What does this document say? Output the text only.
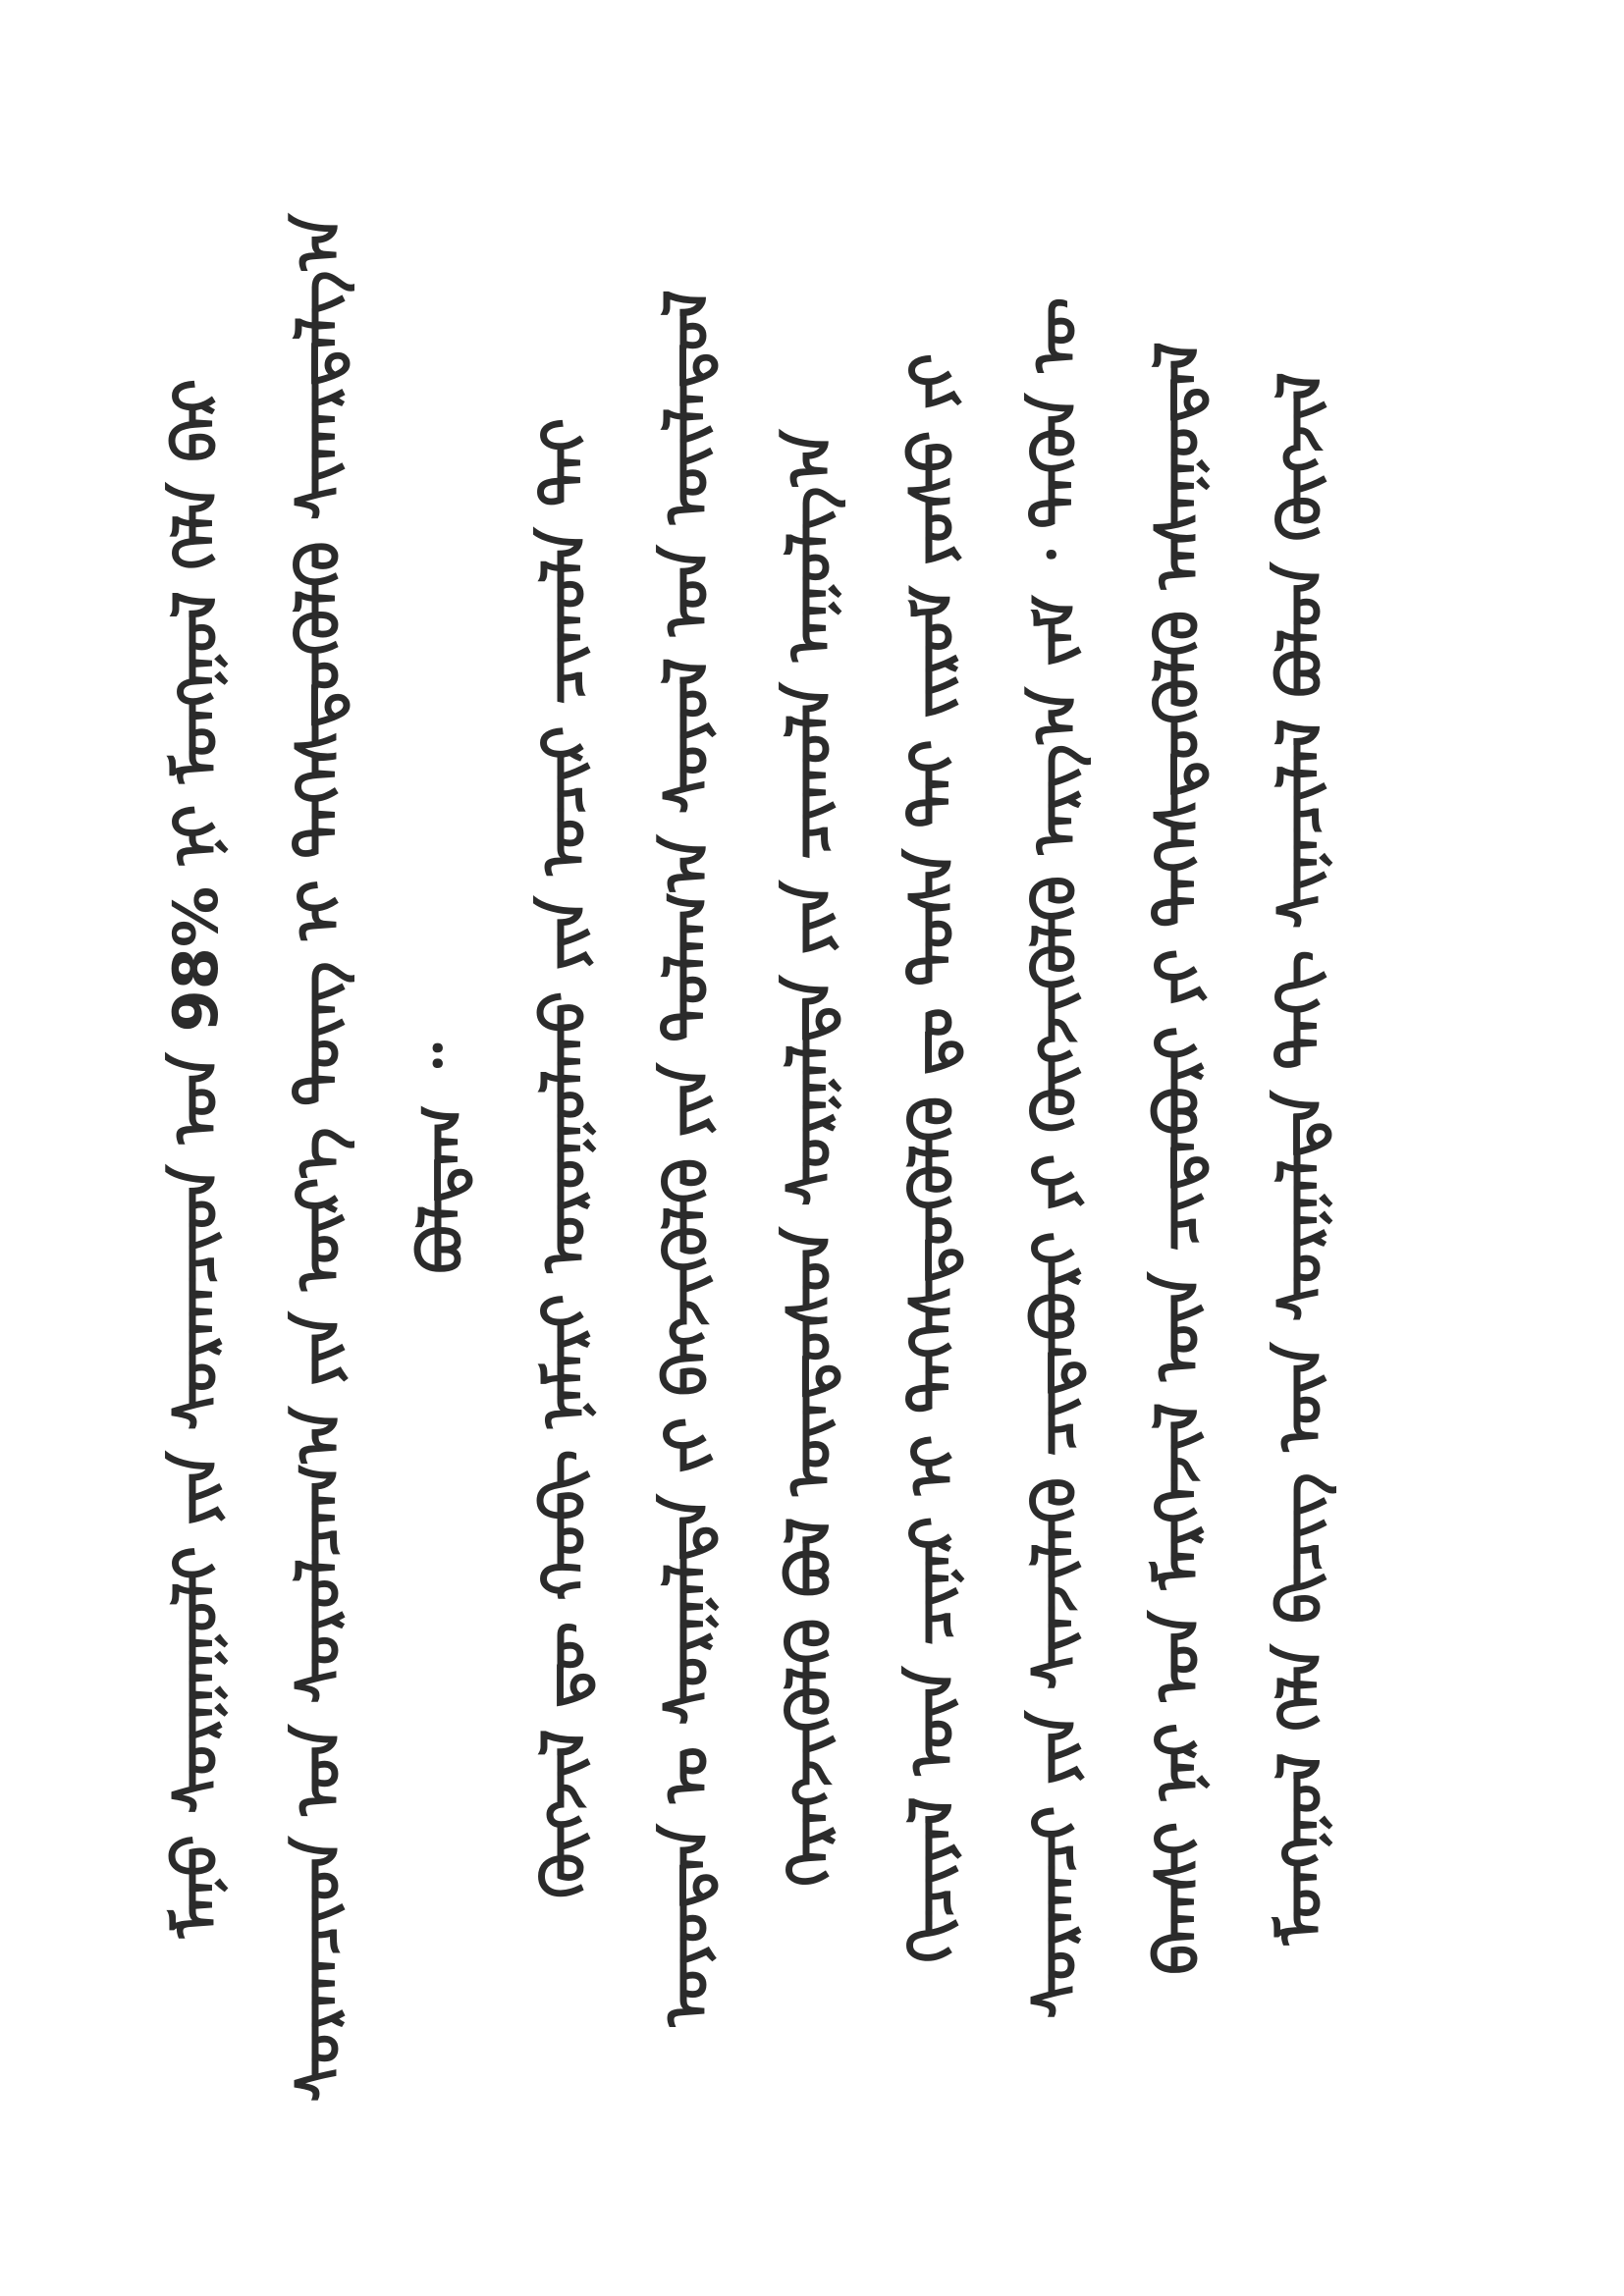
ᠮᠣᠩᠭᠣᠯ ᠬᠡᠯᠡ ᠪᠢᠴᠢᠭ ᠦᠨ ᠰᠤᠷᠭᠠᠯᠲᠠ ᠳᠠᠬᠢ ᠰᠢᠨᠡᠴᠢᠯᠡᠯ ᠪᠣᠯᠤᠨ ᠬᠥᠭᠵᠢᠯ
ᠪᠠᠭᠰᠢ ᠨᠠᠷ ᠤᠨ ᠮᠡᠷᠭᠡᠵᠢᠯ ᠦᠨ ᠴᠢᠳᠠᠪᠤᠷᠢ ᠶᠢ ᠳᠡᠭᠡᠰᠳᠦᠭᠦᠯᠬᠦ ᠠᠰᠠᠭᠤᠳᠠᠯ
ᠰᠤᠷᠠᠭᠴᠢ ᠶᠢᠨ ᠰᠢᠨᠵᠢᠯᠡᠬᠦ ᠴᠢᠳᠠᠪᠤᠷᠢ ᠶᠢ ᠬᠥᠭᠵᠢᠭᠦᠯᠬᠦ ᠠᠷᠭ᠎ᠠ ᠵᠠᠮ ᠂ ᠲᠡᠭᠦᠨ ᠦ
ᠬᠢᠴᠢᠶᠡᠯ ᠦᠨ ᠴᠢᠨᠠᠷ ᠢ ᠳᠡᠭᠡᠰᠳᠦᠭᠦᠯᠬᠦ ᠳᠤ ᠲᠤᠰᠠ ᠲᠠᠢ ᠵᠢᠷᠤᠮ ᠶᠣᠰᠤ ᠶᠢ
ᠬᠡᠷᠡᠭᠵᠢᠭᠦᠯᠬᠦ ᠪᠣᠯ ᠦᠨᠳᠦᠰᠦᠨ ᠰᠤᠷᠭᠠᠯᠲᠠ ᠶᠢᠨ ᠴᠢᠬᠤᠯᠠ ᠠᠭᠤᠯᠭ᠎ᠠ
ᠣᠶᠤᠲᠠᠨ ᠤ ᠰᠤᠷᠭᠠᠯᠲᠠ ᠵᠢ ᠪᠡᠬᠵᠢᠭᠦᠯᠬᠦ ᠶᠢᠨ ᠲᠤᠯᠠᠭ᠎ᠠ ᠰᠣᠶᠣᠯ ᠤᠨ ᠦᠢᠯᠡᠳᠦᠯ
ᠬᠥᠭᠵᠢᠯ ᠳᠦ ᠬᠤᠪᠢ ᠨᠡᠮᠡᠷᠢ ᠣᠷᠤᠭᠤᠯᠬᠤ ᠶᠢᠨ ᠤᠴᠢᠷ ᠴᠢᠬᠤᠯᠠ ᠲᠠᠢ
ᠪᠣᠯᠳᠠᠭ ᠃
ᠰᠤᠷᠠᠭᠴᠢᠳ ᠤᠨ ᠰᠤᠷᠤᠯᠴᠠᠭ᠎ᠠ ᠶᠢᠨ ᠦᠷ᠎ᠡ ᠳᠦᠩ ᠢ ᠳᠡᠭᠡᠰᠳᠦᠭᠦᠯᠬᠦ ᠰᠢᠬᠠᠷᠳᠠᠯᠭ᠎ᠠ
ᠮᠠᠨᠤ ᠰᠤᠷᠭᠠᠭᠤᠯᠢ ᠶᠢᠨ ᠰᠤᠷᠠᠭᠴᠢᠳ ᠤᠨ 98% ᠨᠢ ᠮᠣᠩᠭᠣᠯ ᠬᠡᠯᠡ ᠪᠡᠷ
